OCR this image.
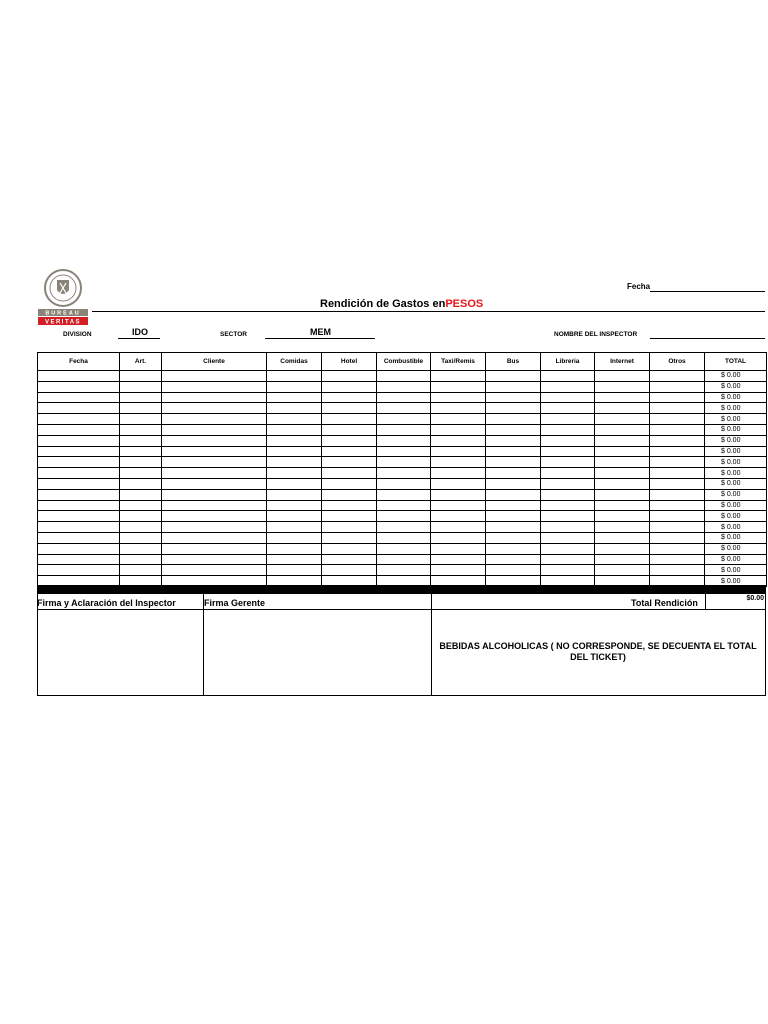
BUREAU
VERITAS
Fecha
Rendición de Gastos enPESOS
DIVISION	IDO	SECTOR	MEM	NOMBRE DEL INSPECTOR
Fecha	Art.	Cliente	Comidas	Hotel	Combustible	Taxi/Remis	Bus	Libreria	Internet	Otros	TOTAL
											$ 0.00
											$ 0.00
											$ 0.00
											$ 0.00
											$ 0.00
											$ 0.00
											$ 0.00
											$ 0.00
											$ 0.00
											$ 0.00
											$ 0.00
											$ 0.00
											$ 0.00
											$ 0.00
											$ 0.00
											$ 0.00
											$ 0.00
											$ 0.00
											$ 0.00
											$ 0.00
Firma y Aclaración del Inspector	Firma Gerente	Total Rendición	$0.00
BEBIDAS ALCOHOLICAS ( NO CORRESPONDE, SE DECUENTA EL TOTAL DEL TICKET)
